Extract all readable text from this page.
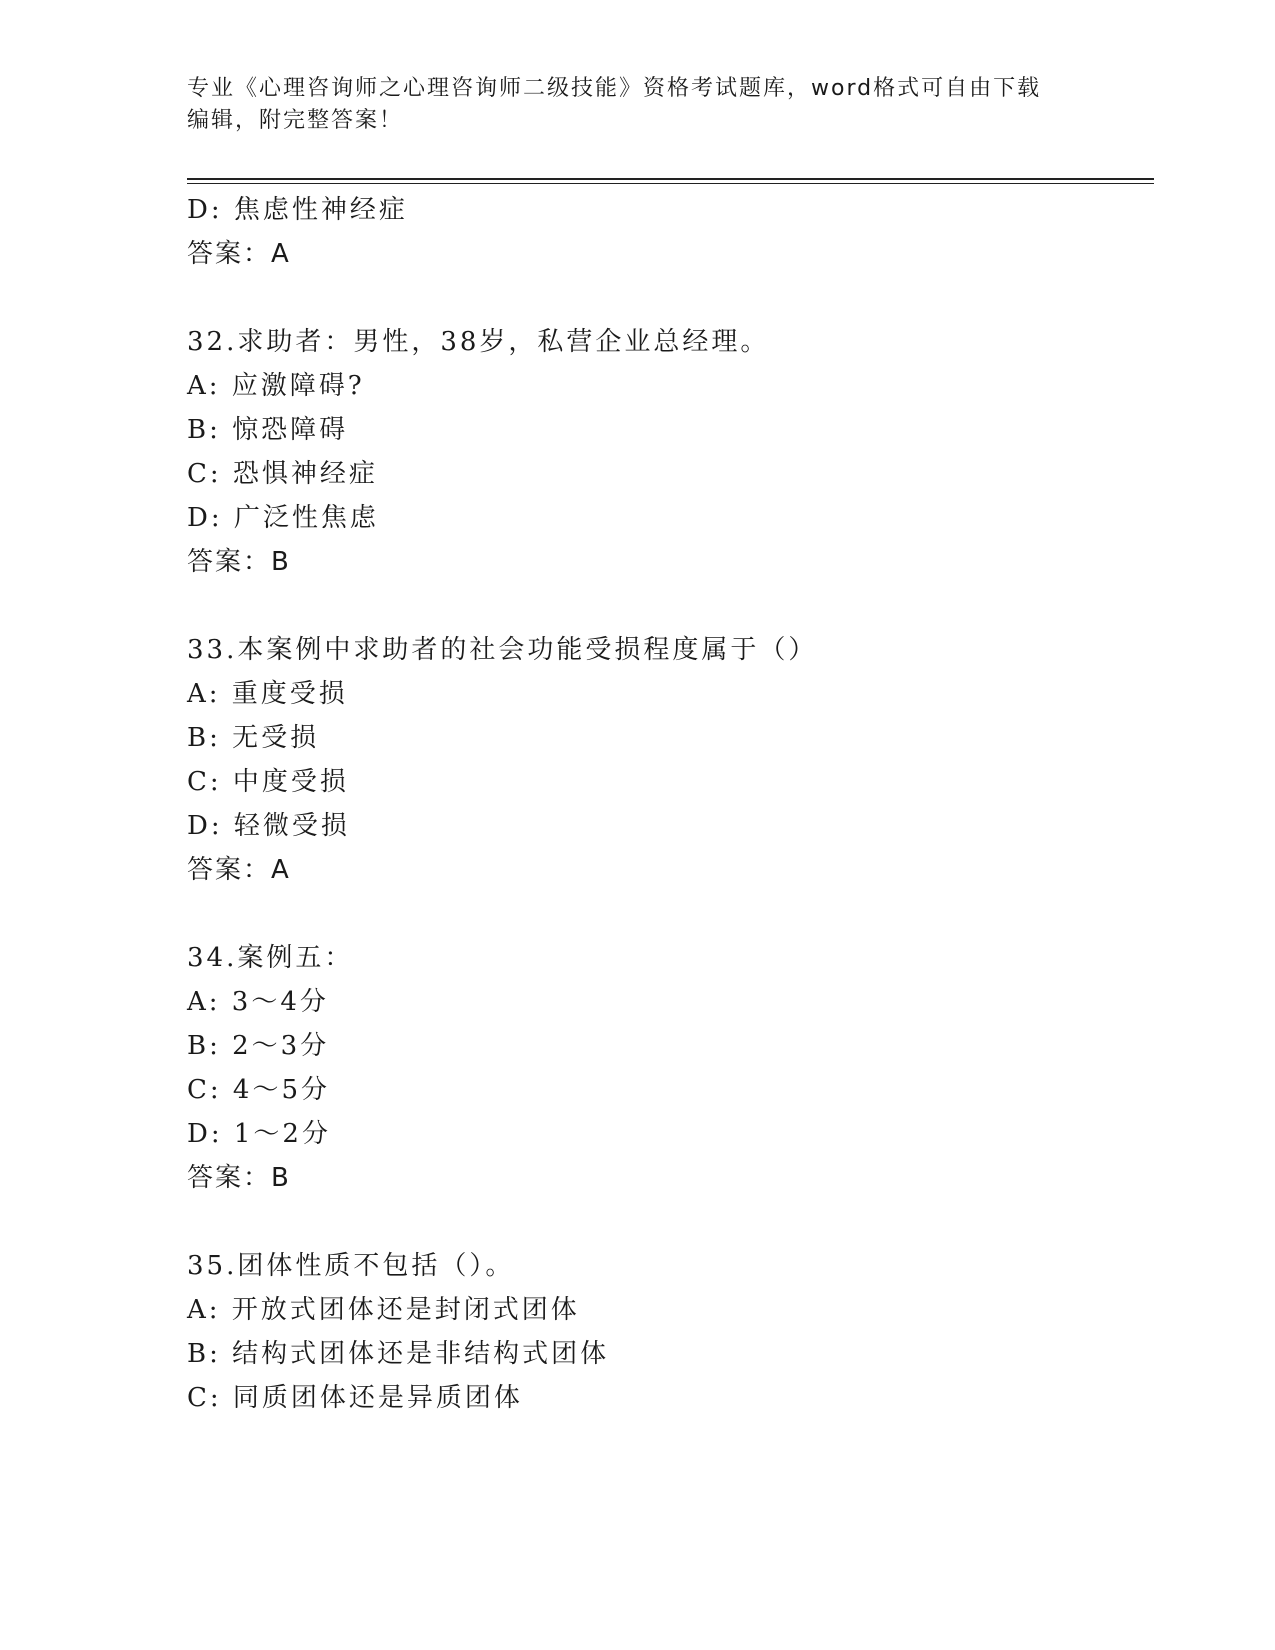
专业《心理咨询师之心理咨询师二级技能》资格考试题库，word格式可自由下载
编辑，附完整答案！
D: 焦虑性神经症
答案：A
32.求助者：男性，38岁，私营企业总经理。
A: 应激障碍?
B: 惊恐障碍
C: 恐惧神经症
D: 广泛性焦虑
答案：B
33.本案例中求助者的社会功能受损程度属于（）
A: 重度受损
B: 无受损
C: 中度受损
D: 轻微受损
答案：A
34.案例五：
A: 3～4分
B: 2～3分
C: 4～5分
D: 1～2分
答案：B
35.团体性质不包括（）。
A: 开放式团体还是封闭式团体
B: 结构式团体还是非结构式团体
C: 同质团体还是异质团体
